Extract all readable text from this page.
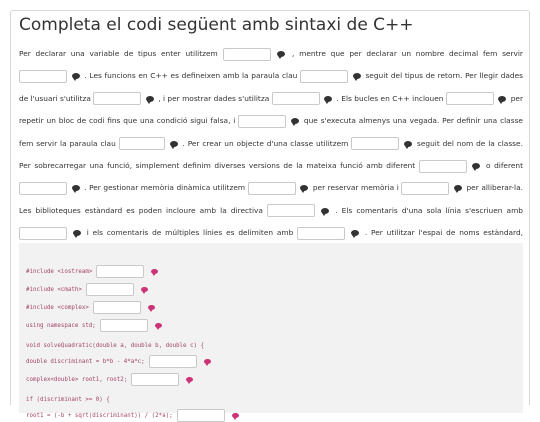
Completa el codi següent amb sintaxi de C++
Per declarar una variable de tipus enter utilitzem	, mentre que per declarar un nombre decimal fem servir   . Les funcions en C++ es defineixen amb la paraula clau	seguit del tipus de retorn. Per llegir dades de l'usuari s'utilitza	, i per mostrar dades s'utilitza	. Els bucles en C++ inclouen	per repetir un bloc de codi fins que una condició sigui falsa, i	que s'executa almenys una vegada. Per definir una classe fem servir la paraula clau	. Per crear un objecte d'una classe utilitzem	seguit del nom de la classe. Per sobrecarregar una funció, simplement definim diverses versions de la mateixa funció amb diferent	o diferent   . Per gestionar memòria dinàmica utilitzem	per reservar memòria i	per alliberar-la. Les biblioteques estàndard es poden incloure amb la directiva	. Els comentaris d'una sola línia s'escriuen amb   i els comentaris de múltiples línies es delimiten amb	. Per utilitzar l'espai de noms estàndard,
#include <iostream>
#include <cmath>
#include <complex>
using namespace std;
void solveQuadratic(double a, double b, double c) {
double discriminant = b*b - 4*a*c;
complex<double> root1, root2;
if (discriminant >= 0) {
root1 = (-b + sqrt(discriminant)) / (2*a);
